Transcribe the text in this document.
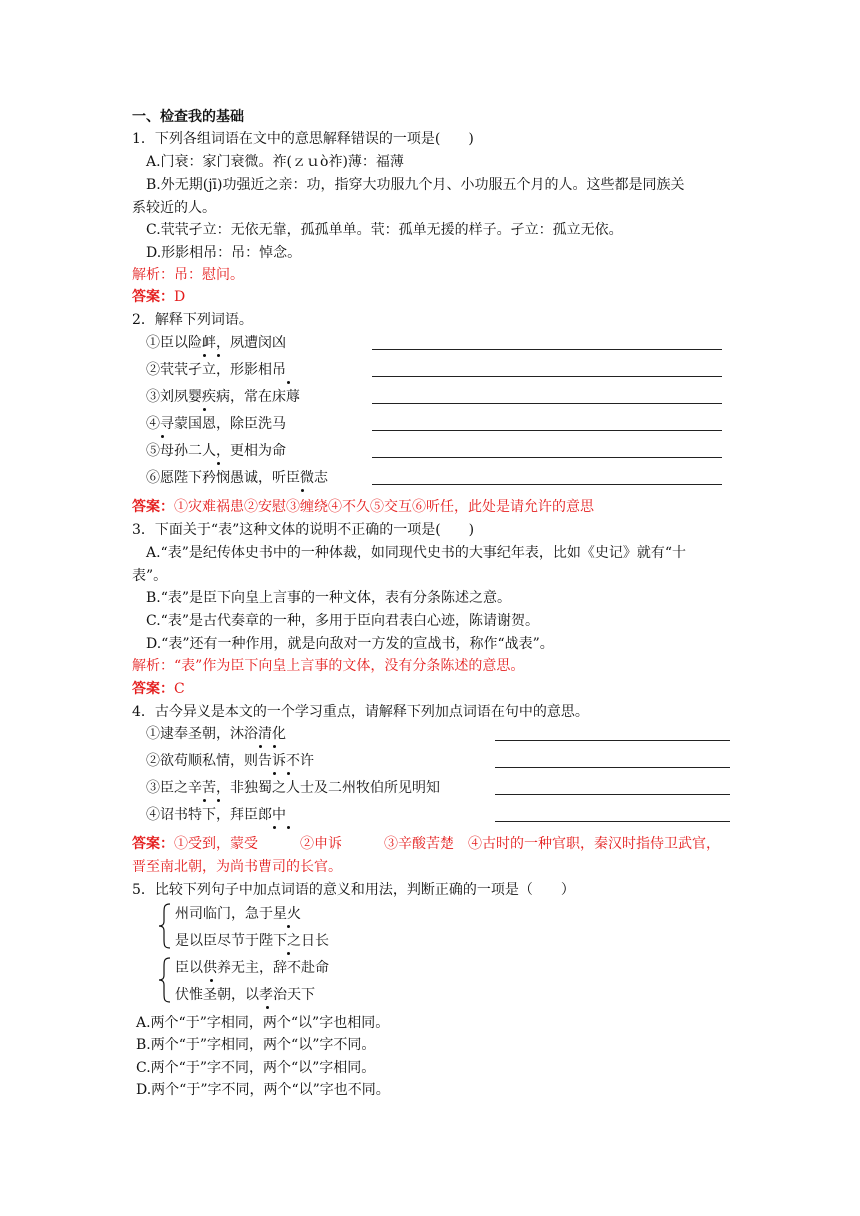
一、检查我的基础
1．下列各组词语在文中的意思解释错误的一项是(　　)
A.门衰：家门衰微。祚(ｚｕò祚)薄：福薄
B.外无期(jī)功强近之亲：功，指穿大功服九个月、小功服五个月的人。这些都是同族关
系较近的人。
C.茕茕孑立：无依无靠，孤孤单单。茕：孤单无援的样子。孑立：孤立无依。
D.形影相吊：吊：悼念。
解析：吊：慰问。
答案：D
2．解释下列词语。
①臣以险衅，夙遭闵凶
②茕茕孑立，形影相吊
③刘夙婴疾病，常在床蓐
④寻蒙国恩，除臣洗马
⑤母孙二人，更相为命
⑥愿陛下矜悯愚诚，听臣微志
答案：①灾难祸患②安慰③缠绕④不久⑤交互⑥听任，此处是请允许的意思
3．下面关于“表”这种文体的说明不正确的一项是(　　)
A.“表”是纪传体史书中的一种体裁，如同现代史书的大事纪年表，比如《史记》就有“十
表”。
B.“表”是臣下向皇上言事的一种文体，表有分条陈述之意。
C.“表”是古代奏章的一种，多用于臣向君表白心迹，陈请谢贺。
D.“表”还有一种作用，就是向敌对一方发的宣战书，称作“战表”。
解析：“表”作为臣下向皇上言事的文体，没有分条陈述的意思。
答案：C
4．古今异义是本文的一个学习重点，请解释下列加点词语在句中的意思。
①逮奉圣朝，沐浴清化
②欲苟顺私情，则告诉不许
③臣之辛苦，非独蜀之人士及二州牧伯所见明知
④诏书特下，拜臣郎中
答案：①受到，蒙受　　　②申诉　　　③辛酸苦楚　④古时的一种官职，秦汉时指侍卫武官，
晋至南北朝，为尚书曹司的长官。
5．比较下列句子中加点词语的意义和用法，判断正确的一项是（　　）
州司临门，急于星火
是以臣尽节于陛下之日长
臣以供养无主，辞不赴命
伏惟圣朝，以孝治天下
A.两个“于”字相同，两个“以”字也相同。
B.两个“于”字相同，两个“以”字不同。
C.两个“于”字不同，两个“以”字相同。
D.两个“于”字不同，两个“以”字也不同。
